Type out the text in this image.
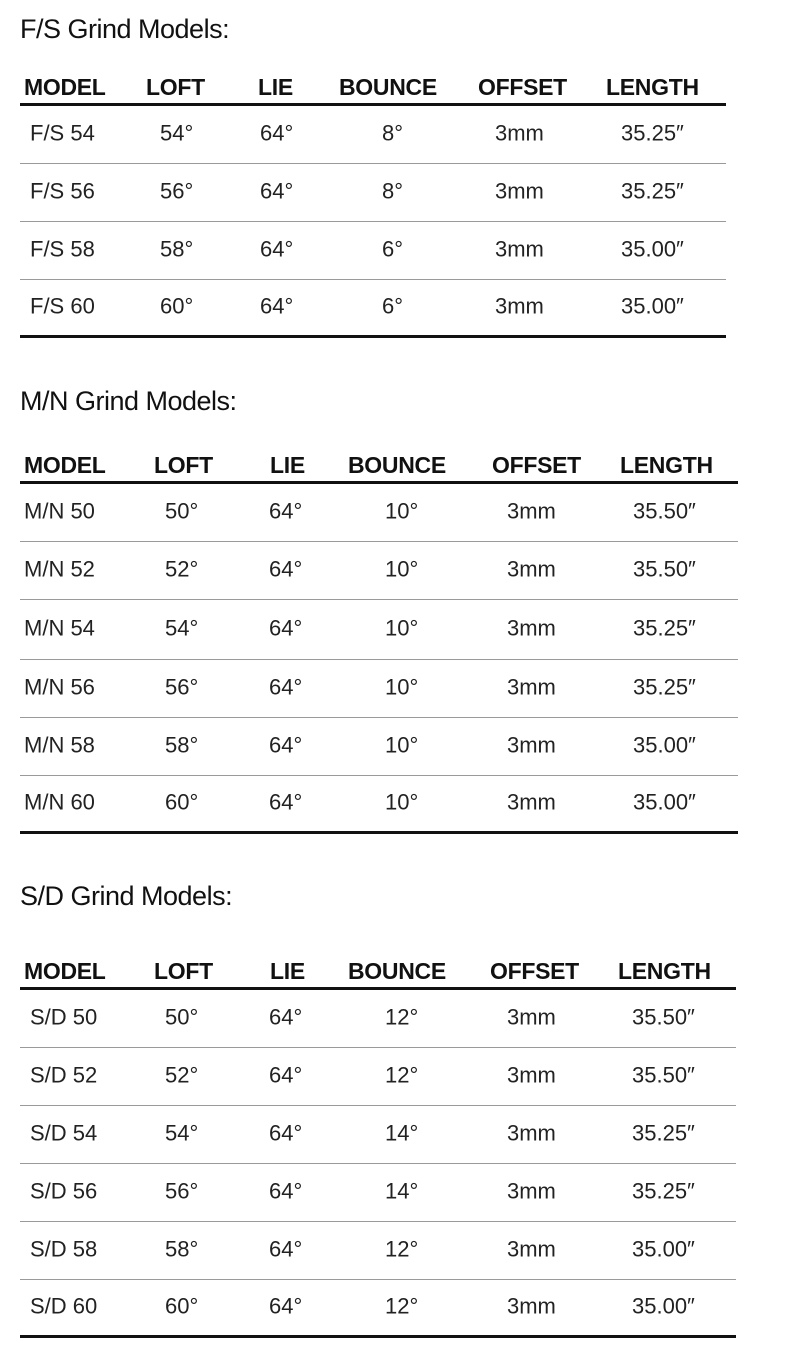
F/S Grind Models:
MODEL LOFT LIE BOUNCE OFFSET LENGTH
F/S 54	54°	64°	8°	3mm	35.25″
F/S 56	56°	64°	8°	3mm	35.25″
F/S 58	58°	64°	6°	3mm	35.00″
F/S 60	60°	64°	6°	3mm	35.00″
M/N Grind Models:
MODEL LOFT LIE BOUNCE OFFSET LENGTH
M/N 50	50°	64°	10°	3mm	35.50″
M/N 52	52°	64°	10°	3mm	35.50″
M/N 54	54°	64°	10°	3mm	35.25″
M/N 56	56°	64°	10°	3mm	35.25″
M/N 58	58°	64°	10°	3mm	35.00″
M/N 60	60°	64°	10°	3mm	35.00″
S/D Grind Models:
MODEL LOFT LIE BOUNCE OFFSET LENGTH
S/D 50	50°	64°	12°	3mm	35.50″
S/D 52	52°	64°	12°	3mm	35.50″
S/D 54	54°	64°	14°	3mm	35.25″
S/D 56	56°	64°	14°	3mm	35.25″
S/D 58	58°	64°	12°	3mm	35.00″
S/D 60	60°	64°	12°	3mm	35.00″
